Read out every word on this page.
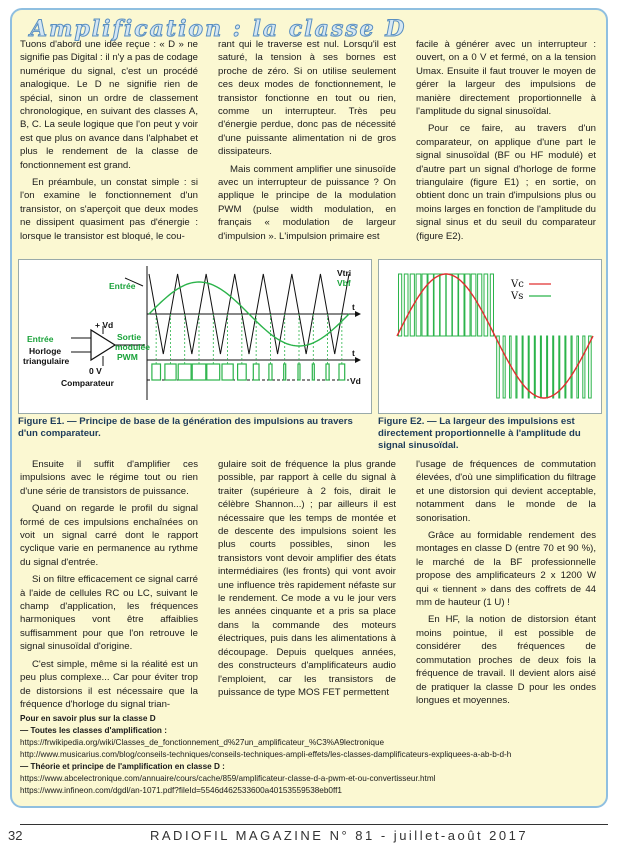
Amplification : la classe D

Tuons d'abord une idée reçue : « D » ne signifie pas Digital : il n'y a pas de codage numérique du signal, c'est un procédé analogique. Le D ne signifie rien de spécial, sinon un ordre de classement chronologique, en suivant des classes A, B, C. La seule logique que l'on peut y voir est que plus on avance dans l'alphabet et plus le rendement de la classe de fonctionnement est grand.

En préambule, un constat simple : si l'on examine le fonctionnement d'un transistor, on s'aperçoit que deux modes ne dissipent quasiment pas d'énergie : lorsque le transistor est bloqué, le cou-

rant qui le traverse est nul. Lorsqu'il est saturé, la tension à ses bornes est proche de zéro. Si on utilise seulement ces deux modes de fonctionnement, le transistor fonctionne en tout ou rien, comme un interrupteur. Très peu d'énergie perdue, donc pas de nécessité d'une puissante alimentation ni de gros dissipateurs.

Mais comment amplifier une sinusoïde avec un interrupteur de puissance ? On applique le principe de la modulation PWM (pulse width modulation, en français « modulation de largeur d'impulsion ». L'impulsion primaire est

facile à générer avec un interrupteur : ouvert, on a 0 V et fermé, on a la tension Umax. Ensuite il faut trouver le moyen de gérer la largeur des impulsions de manière directement proportionnelle à l'amplitude du signal sinusoïdal.

Pour ce faire, au travers d'un comparateur, on applique d'une part le signal sinusoïdal (BF ou HF modulé) et d'autre part un signal d'horloge de forme triangulaire (figure E1) ; en sortie, on obtient donc un train d'impulsions plus ou moins larges en fonction de l'amplitude du signal sinus et du seuil du comparateur (figure E2).

Entrée
Vtri
Vbf
t
t
Vd
Entrée
Horloge
triangulaire
+ Vd
0 V
Comparateur
Sortie
modulée
PWM
Figure E1. — Principe de base de la génération des impulsions au travers d'un comparateur.
Vc
Vs
Figure E2. — La largeur des impulsions est directement proportionnelle à l'amplitude du signal sinusoïdal.

Ensuite il suffit d'amplifier ces impulsions avec le régime tout ou rien d'une série de transistors de puissance.

Quand on regarde le profil du signal formé de ces impulsions enchaînées on voit un signal carré dont le rapport cyclique varie en permanence au rythme du signal d'entrée.

Si on filtre efficacement ce signal carré à l'aide de cellules RC ou LC, suivant le champ d'application, les fréquences harmoniques vont être affaiblies suffisamment pour que l'on retrouve le signal sinusoïdal d'origine.

C'est simple, même si la réalité est un peu plus complexe... Car pour éviter trop de distorsions il est nécessaire que la fréquence d'horloge du signal trian-

gulaire soit de fréquence la plus grande possible, par rapport à celle du signal à traiter (supérieure à 2 fois, dirait le célèbre Shannon...) ; par ailleurs il est nécessaire que les temps de montée et de descente des impulsions soient les plus courts possibles, sinon les transistors vont devoir amplifier des états intermédiaires (les fronts) qui vont avoir une influence très rapidement néfaste sur le rendement. Ce mode a vu le jour vers les années cinquante et a pris sa place dans la commande des moteurs électriques, puis dans les alimentations à découpage. Depuis quelques années, des constructeurs d'amplificateurs audio l'emploient, car les transistors de puissance de type MOS FET permettent

l'usage de fréquences de commutation élevées, d'où une simplification du filtrage et une distorsion qui devient acceptable, notamment dans le monde de la sonorisation.

Grâce au formidable rendement des montages en classe D (entre 70 et 90 %), le marché de la BF professionnelle propose des amplificateurs 2 x 1200 W qui « tiennent » dans des coffrets de 44 mm de hauteur (1 U) !

En HF, la notion de distorsion étant moins pointue, il est possible de considérer des fréquences de commutation proches de deux fois la fréquence de travail. Il devient alors aisé de pratiquer la classe D pour les ondes longues et moyennes.

Pour en savoir plus sur la classe D
— Toutes les classes d'amplification :
https://frwikipedia.org/wiki/Classes_de_fonctionnement_d%27un_amplificateur_%C3%A9lectronique
http://www.musicarius.com/blog/conseils-techniques/conseils-techniques-ampli-effets/les-classes-damplificateurs-expliquees-a-ab-b-d-h
— Théorie et principe de l'amplification en classe D :
https://www.abcelectronique.com/annuaire/cours/cache/859/amplificateur-classe-d-a-pwm-et-ou-convertisseur.html
https://www.infineon.com/dgdl/an-1071.pdf?fileId=5546d462533600a40153559538eb0ff1
32	RADIOFIL MAGAZINE N° 81 - juillet-août 2017
